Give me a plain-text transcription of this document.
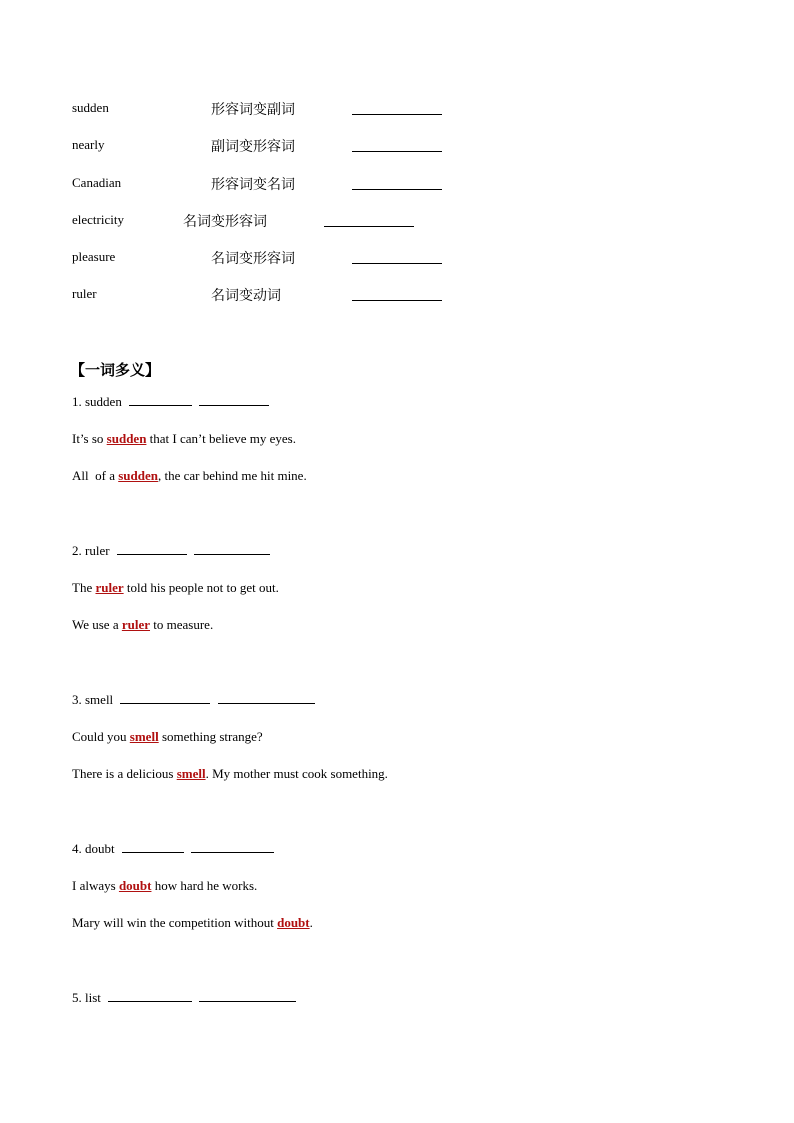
sudden	形容词变副词
nearly	副词变形容词
Canadian	形容词变名词
electricity	名词变形容词
pleasure	名词变形容词
ruler	名词变动词
【一词多义】
1. sudden
It’s so sudden that I can’t believe my eyes.
All  of a sudden, the car behind me hit mine.
2. ruler
The ruler told his people not to get out.
We use a ruler to measure.
3. smell
Could you smell something strange?
There is a delicious smell. My mother must cook something.
4. doubt
I always doubt how hard he works.
Mary will win the competition without doubt.
5. list
